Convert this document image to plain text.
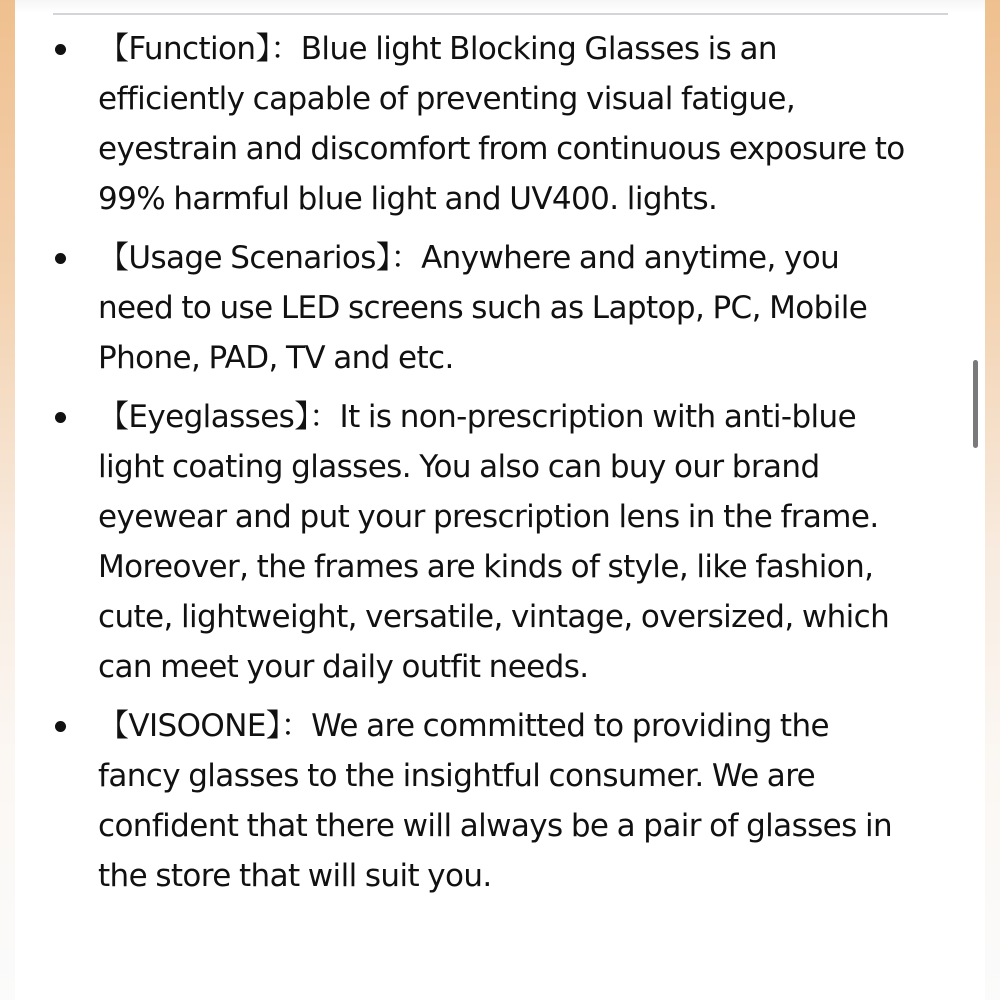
【Function】：Blue light Blocking Glasses is an efficiently capable of preventing visual fatigue, eyestrain and discomfort from continuous exposure to 99% harmful blue light and UV400. lights.
【Usage Scenarios】：Anywhere and anytime, you need to use LED screens such as Laptop, PC, Mobile Phone, PAD, TV and etc.
【Eyeglasses】：It is non-prescription with anti-blue light coating glasses. You also can buy our brand eyewear and put your prescription lens in the frame. Moreover, the frames are kinds of style, like fashion, cute, lightweight, versatile, vintage, oversized, which can meet your daily outfit needs.
【VISOONE】：We are committed to providing the fancy glasses to the insightful consumer. We are confident that there will always be a pair of glasses in the store that will suit you.
